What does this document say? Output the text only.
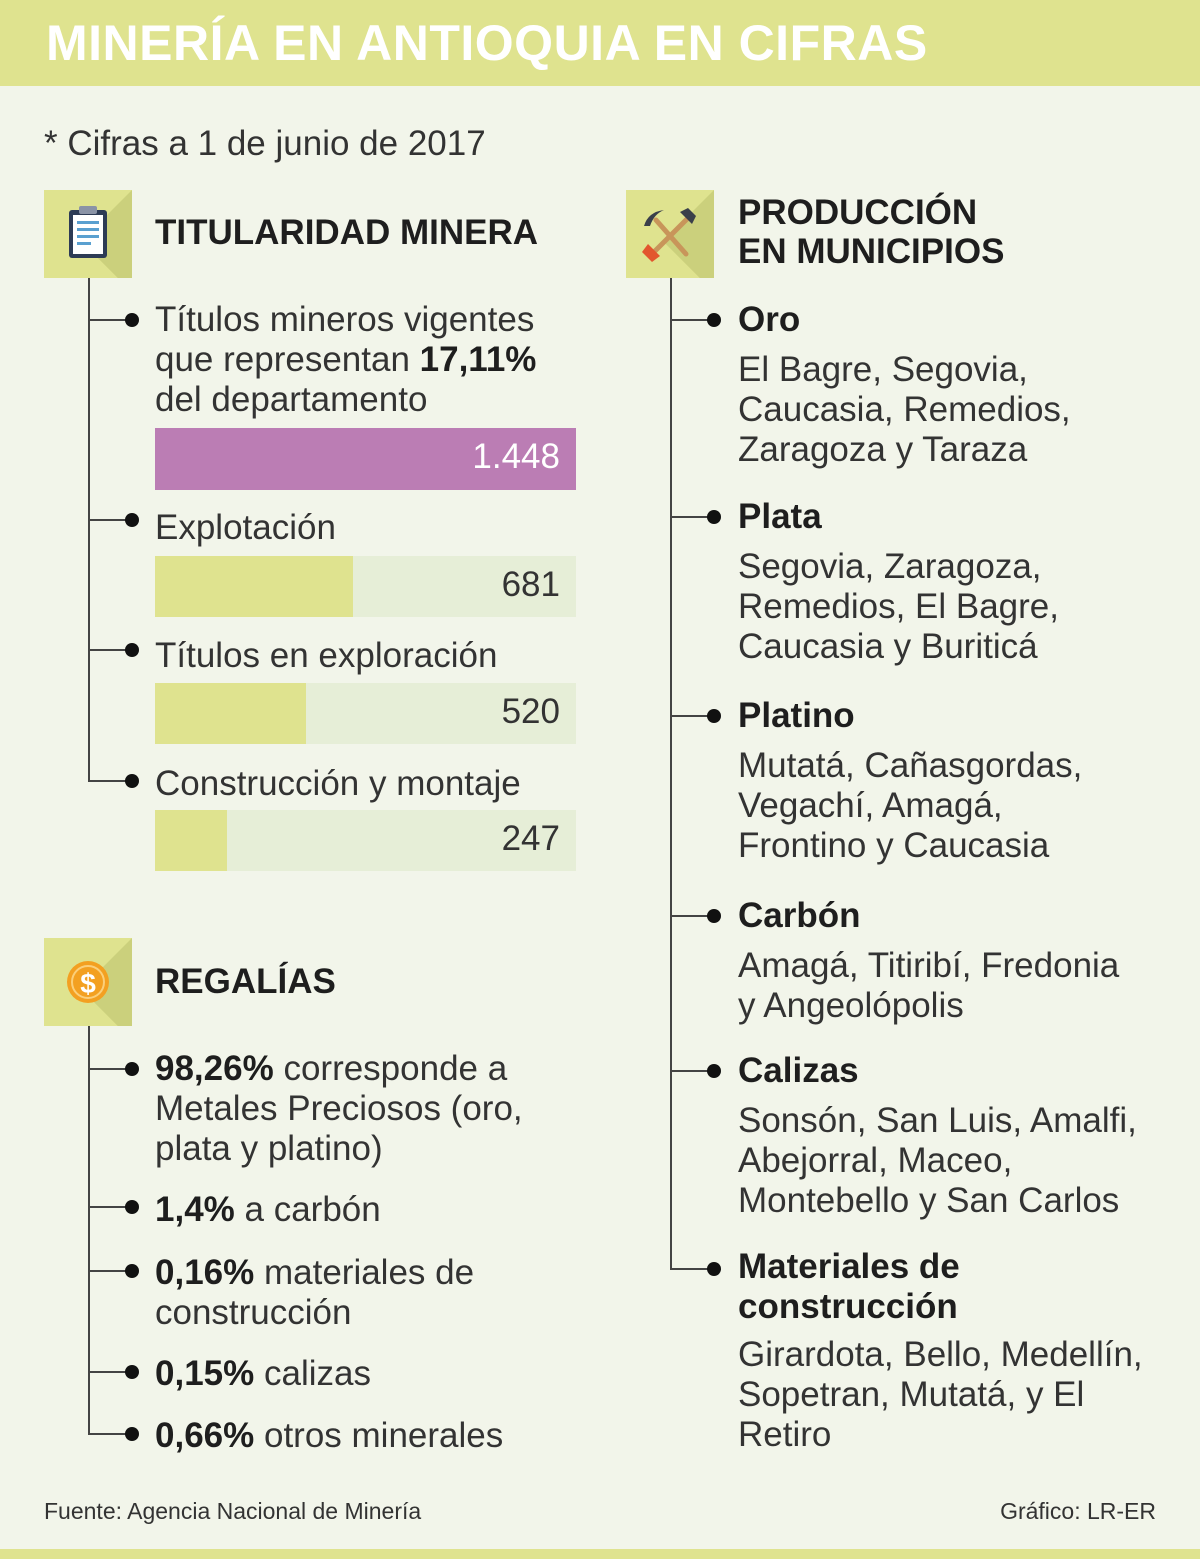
MINERÍA EN ANTIOQUIA EN CIFRAS
* Cifras a 1 de junio de 2017
TITULARIDAD MINERA
Títulos mineros vigentes que representan 17,11% del departamento
1.448
Explotación
681
Títulos en exploración
520
Construcción y montaje
247
$ REGALÍAS
98,26% corresponde a Metales Preciosos (oro, plata y platino)
1,4% a carbón
0,16% materiales de construcción
0,15% calizas
0,66% otros minerales
PRODUCCIÓN
EN MUNICIPIOS
Oro
El Bagre, Segovia, Caucasia, Remedios, Zaragoza y Taraza
Plata
Segovia, Zaragoza, Remedios, El Bagre, Caucasia y Buriticá
Platino
Mutatá, Cañasgordas, Vegachí, Amagá, Frontino y Caucasia
Carbón
Amagá, Titiribí, Fredonia y Angeolópolis
Calizas
Sonsón, San Luis, Amalfi, Abejorral, Maceo, Montebello y San Carlos
Materiales de construcción
Girardota, Bello, Medellín, Sopetran, Mutatá, y El Retiro
Fuente: Agencia Nacional de Minería	Gráfico: LR-ER
